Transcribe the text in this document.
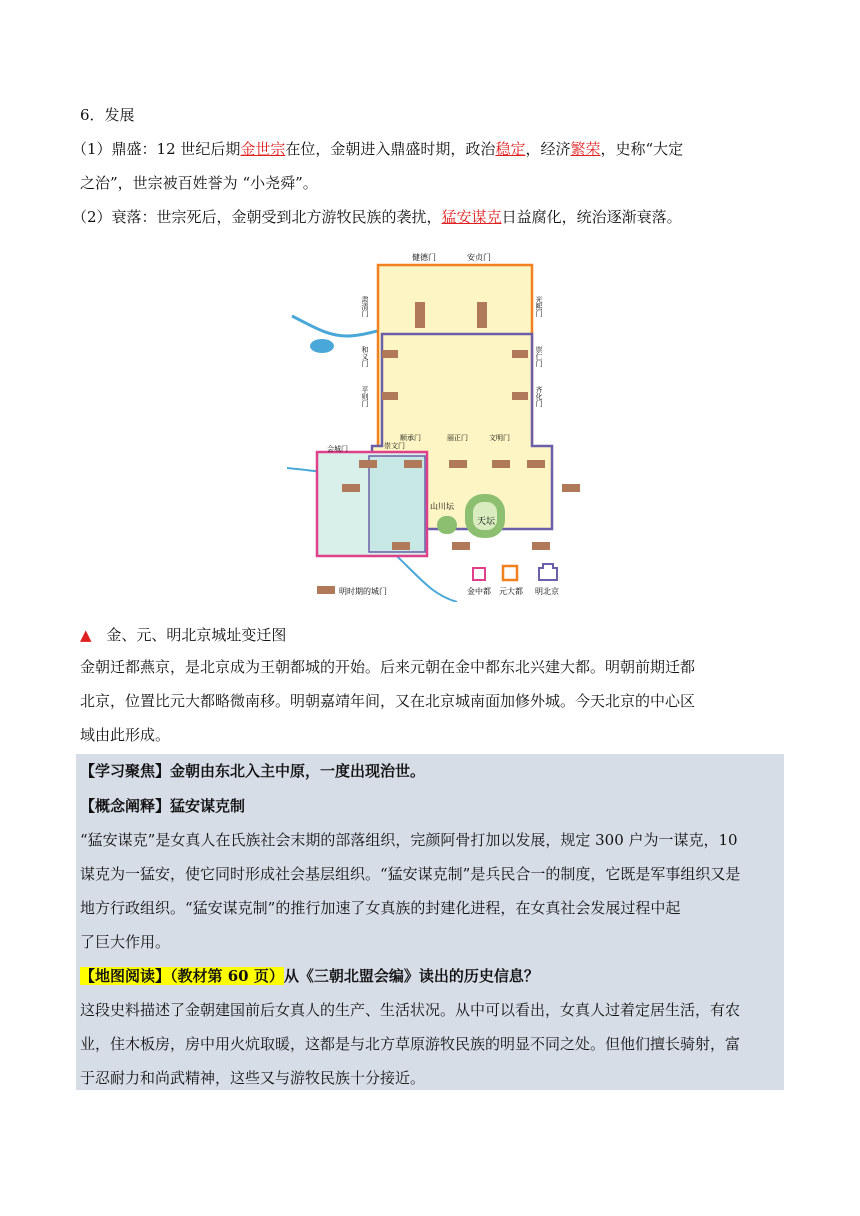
6．发展
（1）鼎盛：12 世纪后期金世宗在位，金朝进入鼎盛时期，政治稳定，经济繁荣，史称“大定
之治”，世宗被百姓誉为 “小尧舜”。
（2）衰落：世宗死后，金朝受到北方游牧民族的袭扰，猛安谋克日益腐化，统治逐渐衰落。
山川坛
天坛
健德门	安贞门
肃清门
和义门
平则门
光熙门
崇仁门
齐化门
顺承门	丽正门	文明门
会城门	崇文门
明时期的城门	金中都 元大都 明北京
▲ 金、元、明北京城址变迁图
金朝迁都燕京，是北京成为王朝都城的开始。后来元朝在金中都东北兴建大都。明朝前期迁都
北京，位置比元大都略微南移。明朝嘉靖年间，又在北京城南面加修外城。今天北京的中心区
域由此形成。
【学习聚焦】金朝由东北入主中原，一度出现治世。
【概念阐释】猛安谋克制
“猛安谋克”是女真人在氏族社会末期的部落组织，完颜阿骨打加以发展，规定 300 户为一谋克，10
谋克为一猛安，使它同时形成社会基层组织。“猛安谋克制”是兵民合一的制度，它既是军事组织又是
地方行政组织。“猛安谋克制”的推行加速了女真族的封建化进程，在女真社会发展过程中起
了巨大作用。
【地图阅读】（教材第 60 页）从《三朝北盟会编》读出的历史信息？
这段史料描述了金朝建国前后女真人的生产、生活状况。从中可以看出，女真人过着定居生活，有农
业，住木板房，房中用火炕取暖，这都是与北方草原游牧民族的明显不同之处。但他们擅长骑射，富
于忍耐力和尚武精神，这些又与游牧民族十分接近。
